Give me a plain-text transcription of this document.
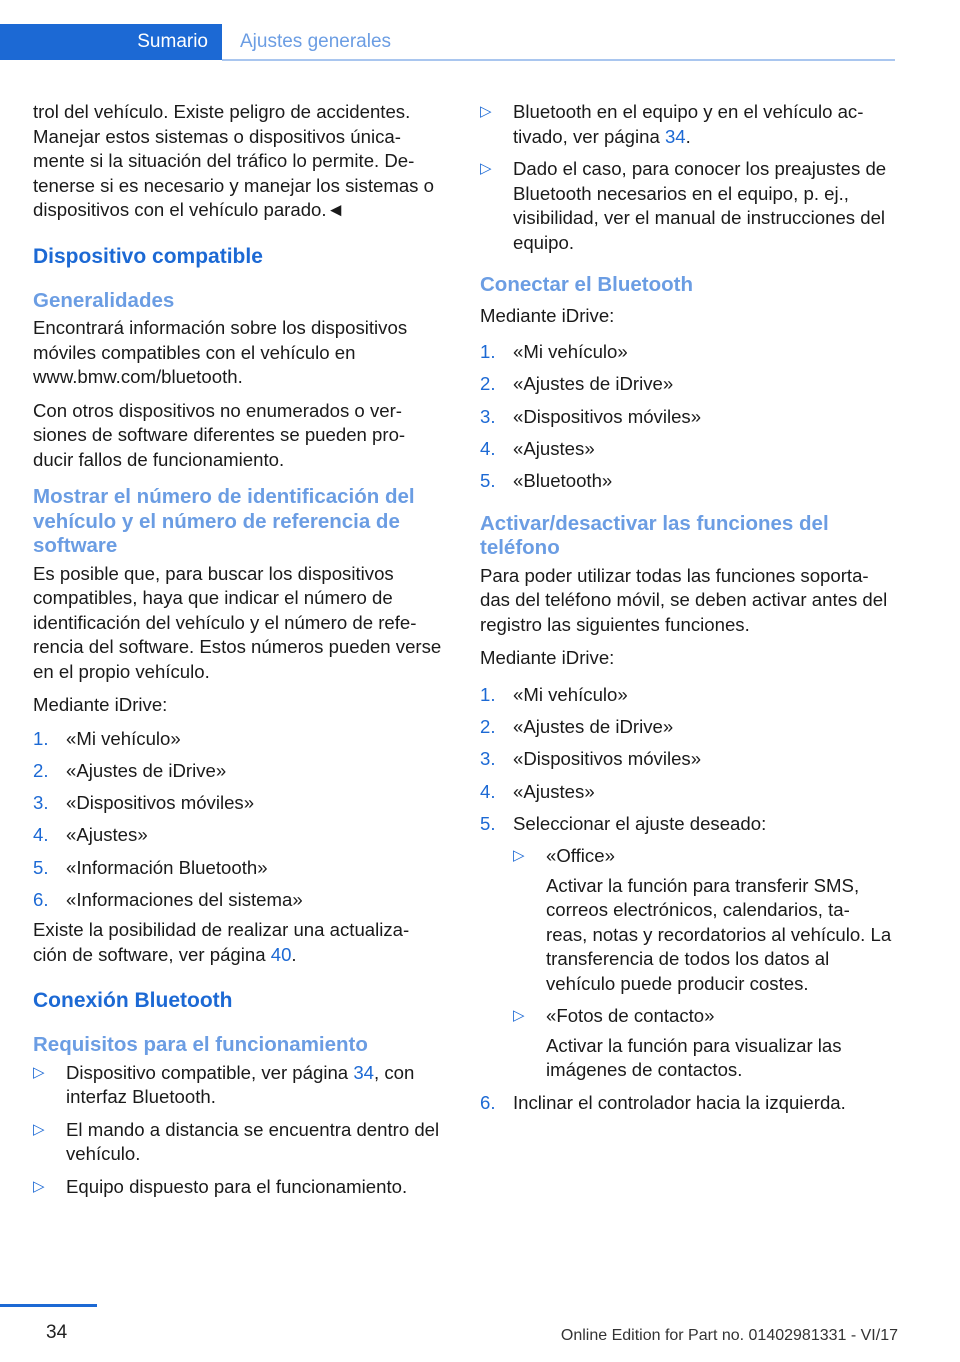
Sumario	Ajustes generales

trol del vehículo. Existe peligro de accidentes. Manejar estos sistemas o dispositivos única- mente si la situación del tráfico lo permite. De- tenerse si es necesario y manejar los sistemas o dispositivos con el vehículo parado.◄

Dispositivo compatible
Generalidades

Encontrará información sobre los dispositivos móviles compatibles con el vehículo en www.bmw.com/bluetooth.

Con otros dispositivos no enumerados o ver- siones de software diferentes se pueden pro- ducir fallos de funcionamiento.

Mostrar el número de identificación del vehículo y el número de referencia de software

Es posible que, para buscar los dispositivos compatibles, haya que indicar el número de identificación del vehículo y el número de refe- rencia del software. Estos números pueden verse en el propio vehículo.

Mediante iDrive:

1. «Mi vehículo»
2. «Ajustes de iDrive»
3. «Dispositivos móviles»
4. «Ajustes»
5. «Información Bluetooth»
6. «Informaciones del sistema»

Existe la posibilidad de realizar una actualiza- ción de software, ver página 40.

Conexión Bluetooth
Requisitos para el funcionamiento
▷ Dispositivo compatible, ver página 34, con interfaz Bluetooth.
▷ El mando a distancia se encuentra dentro del vehículo.
▷ Equipo dispuesto para el funcionamiento.
▷ Bluetooth en el equipo y en el vehículo ac- tivado, ver página 34.
▷ Dado el caso, para conocer los preajustes de Bluetooth necesarios en el equipo, p. ej., visibilidad, ver el manual de instrucciones del equipo.
Conectar el Bluetooth

Mediante iDrive:

1. «Mi vehículo»
2. «Ajustes de iDrive»
3. «Dispositivos móviles»
4. «Ajustes»
5. «Bluetooth»
Activar/desactivar las funciones del teléfono

Para poder utilizar todas las funciones soporta- das del teléfono móvil, se deben activar antes del registro las siguientes funciones.

Mediante iDrive:

1. «Mi vehículo»
2. «Ajustes de iDrive»
3. «Dispositivos móviles»
4. «Ajustes»
5. Seleccionar el ajuste deseado:
▷ «Office»
Activar la función para transferir SMS, correos electrónicos, calendarios, ta- reas, notas y recordatorios al vehículo. La transferencia de todos los datos al vehículo puede producir costes.
▷ «Fotos de contacto»
Activar la función para visualizar las imágenes de contactos.
6. Inclinar el controlador hacia la izquierda.
34	Online Edition for Part no. 01402981331 - VI/17
